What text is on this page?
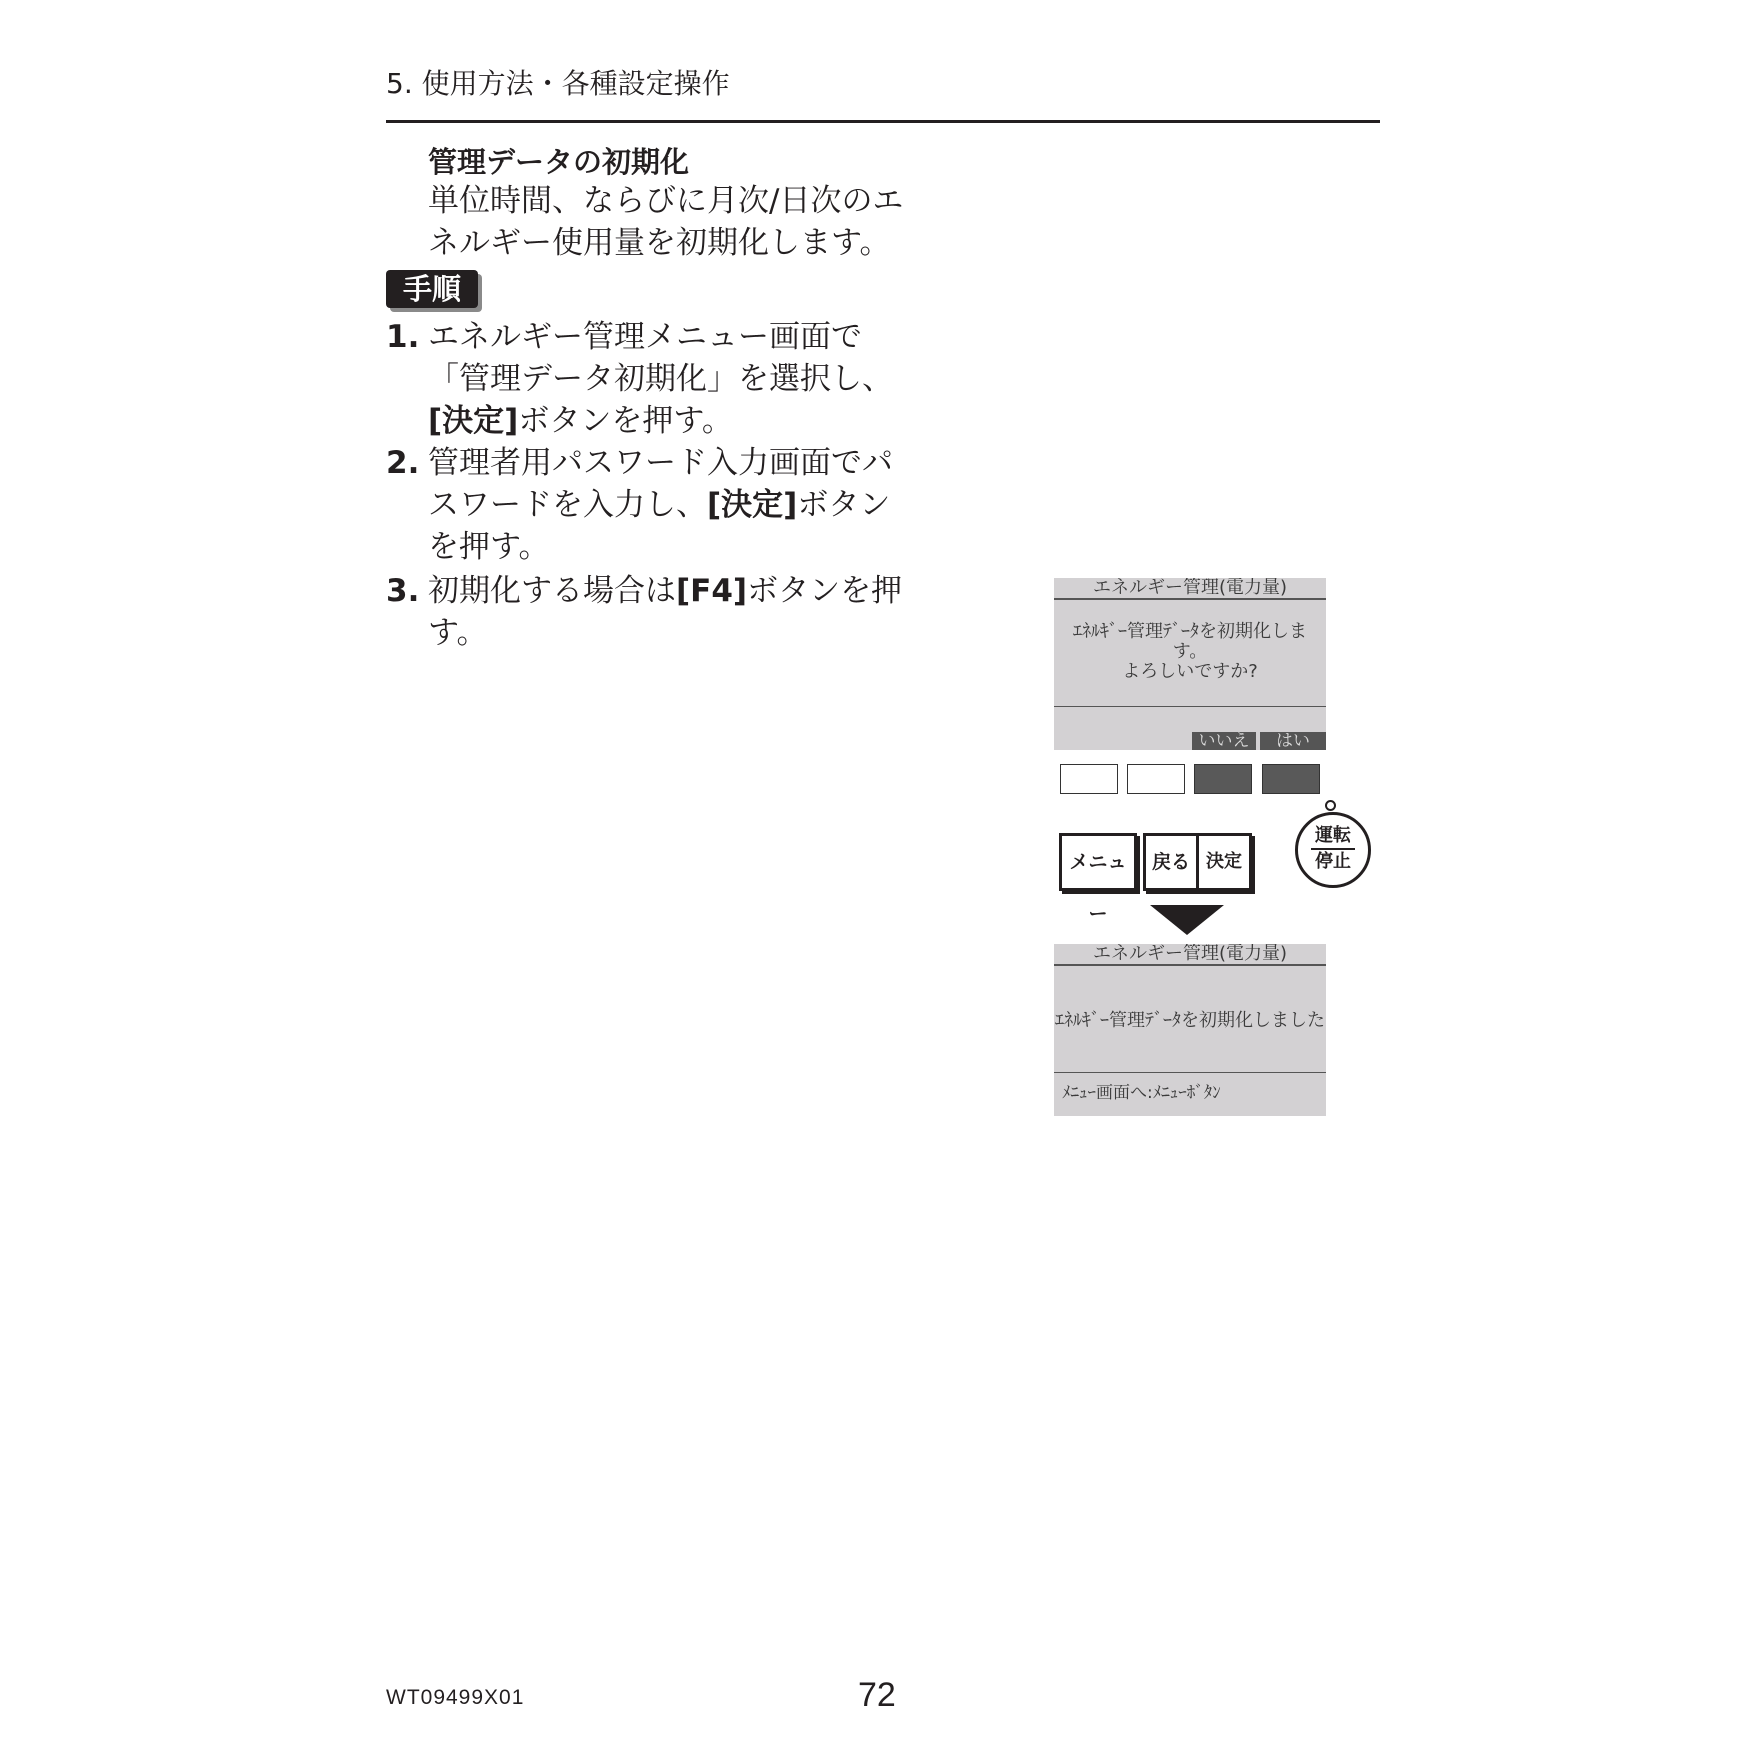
5. 使用方法・各種設定操作
管理データの初期化
単位時間、ならびに月次/日次のエネルギー使用量を初期化します。
手順
1. エネルギー管理メニュー画面で「管理データ初期化」を選択し、[決定]ボタンを押す。
2. 管理者用パスワード入力画面でパスワードを入力し、[決定]ボタンを押す。
3. 初期化する場合は[F4]ボタンを押す。
エネルギー管理(電力量)
ｴﾈﾙｷﾞｰ管理ﾃﾞｰﾀを初期化します。
よろしいですか?
いいえ	はい
メニュー
戻る 決定
運転
停止
エネルギー管理(電力量)
ｴﾈﾙｷﾞｰ管理ﾃﾞｰﾀを初期化しました
ﾒﾆｭｰ画面へ:ﾒﾆｭｰﾎﾞﾀﾝ
WT09499X01	72
